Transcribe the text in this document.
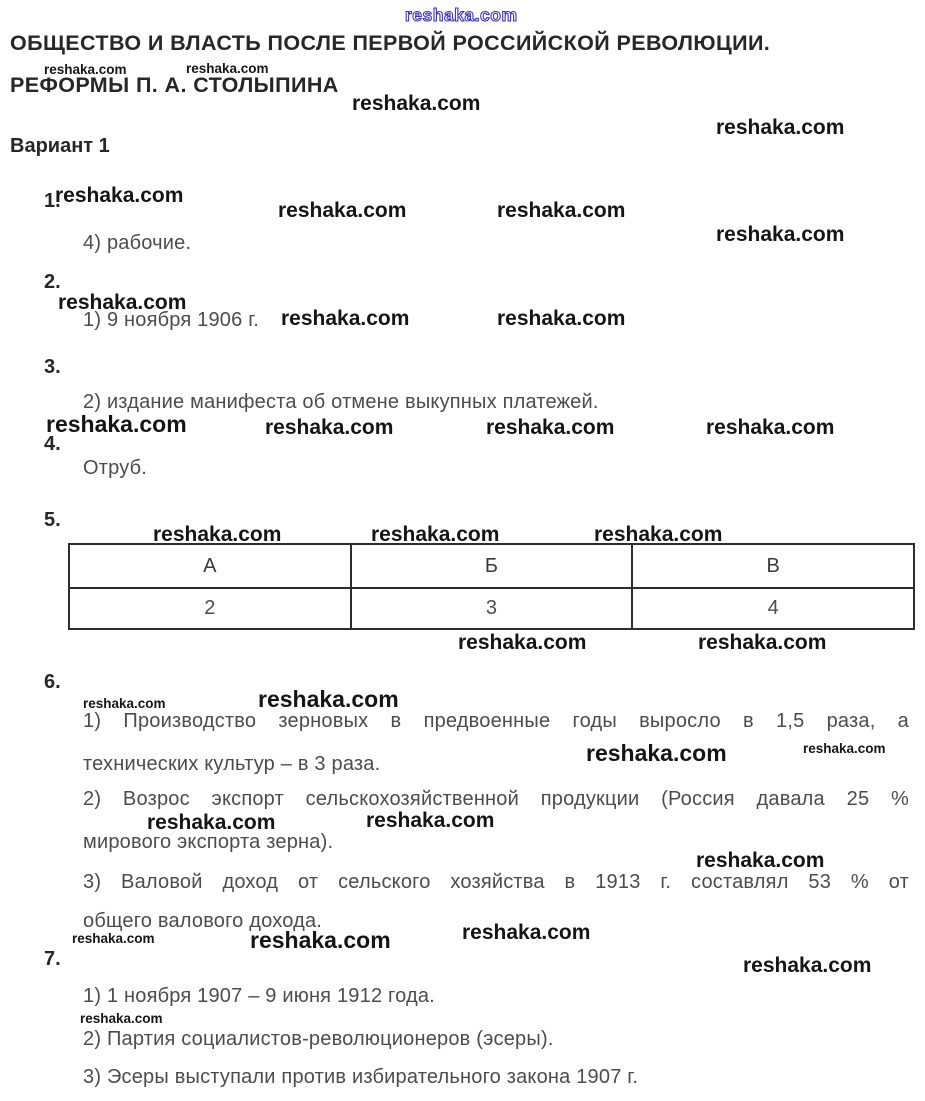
reshaka.com
ОБЩЕСТВО И ВЛАСТЬ ПОСЛЕ ПЕРВОЙ РОССИЙСКОЙ РЕВОЛЮЦИИ.
reshaka.com	reshaka.com
РЕФОРМЫ П. А. СТОЛЫПИНА
reshaka.com
reshaka.com
Вариант 1
1.
reshaka.com
reshaka.com	reshaka.com
reshaka.com
4) рабочие.
2.
reshaka.com
1) 9 ноября 1906 г. reshaka.com	reshaka.com
3.
2) издание манифеста об отмене выкупных платежей.
reshaka.com	reshaka.com	reshaka.com	reshaka.com
4.
Отруб.
5.
reshaka.com	reshaka.com	reshaka.com
А	Б	В
2	3	4
reshaka.com	reshaka.com
6.
reshaka.com	reshaka.com
1) Производство зерновых в предвоенные годы выросло в 1,5 раза, а
reshaka.com	reshaka.com
технических культур – в 3 раза.
2) Возрос экспорт сельскохозяйственной продукции (Россия давала 25 %
reshaka.com	reshaka.com
мирового экспорта зерна).
reshaka.com
3) Валовой доход от сельского хозяйства в 1913 г. составлял 53 % от
общего валового дохода.	reshaka.com
reshaka.com	reshaka.com
7.	reshaka.com
1) 1 ноября 1907 – 9 июня 1912 года.
reshaka.com
2) Партия социалистов-революционеров (эсеры).
3) Эсеры выступали против избирательного закона 1907 г.
